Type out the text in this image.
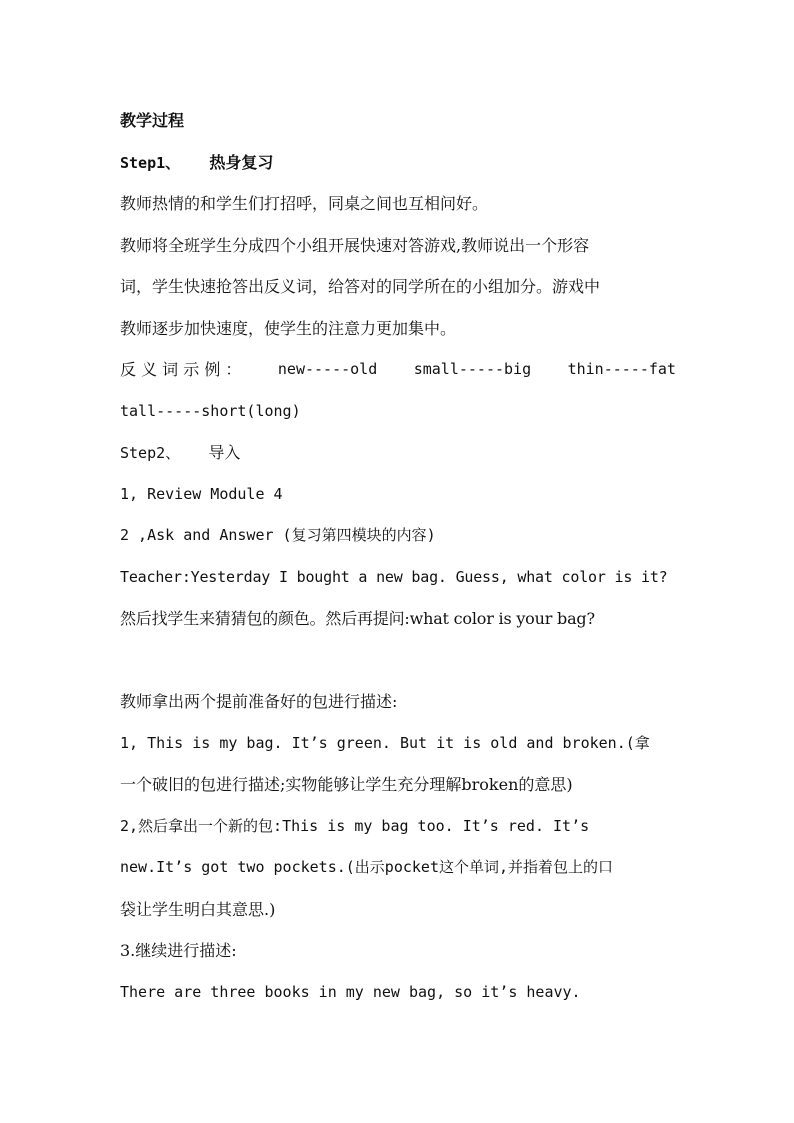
教学过程
Step1、 热身复习
教师热情的和学生们打招呼，同桌之间也互相问好。
教师将全班学生分成四个小组开展快速对答游戏,教师说出一个形容
词，学生快速抢答出反义词，给答对的同学所在的小组加分。游戏中
教师逐步加快速度，使学生的注意力更加集中。
反 义 词 示 例 ： new-----old small-----big thin-----fat
tall-----short(long)
Step2、 导入
1, Review Module 4
2 ,Ask and Answer (复习第四模块的内容)
Teacher:Yesterday I bought a new bag. Guess, what color is it?
然后找学生来猜猜包的颜色。然后再提问:what color is your bag?
教师拿出两个提前准备好的包进行描述:
1, This is my bag. It’s green. But it is old and broken.(拿
一个破旧的包进行描述;实物能够让学生充分理解broken的意思)
2,然后拿出一个新的包:This is my bag too. It’s red. It’s
new.It’s got two pockets.(出示pocket这个单词,并指着包上的口
袋让学生明白其意思.)
3.继续进行描述:
There are three books in my new bag, so it’s heavy.
